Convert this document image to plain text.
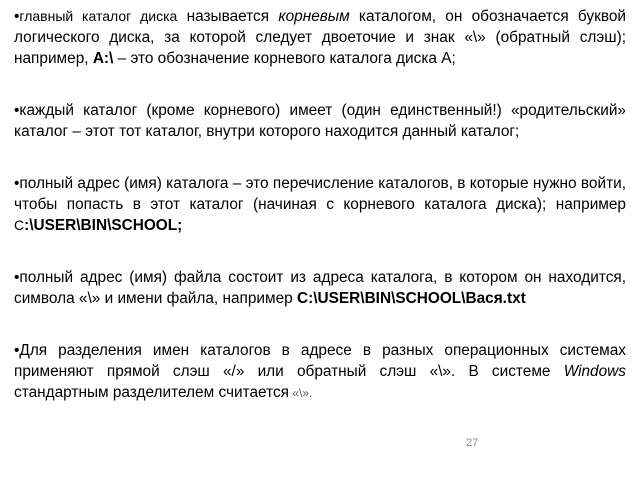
•главный каталог диска называется корневым каталогом, он обозначается буквой логического диска, за которой следует двоеточие и знак «\» (обратный слэш); например, A:\ – это обозначение корневого каталога диска A;
•каждый каталог (кроме корневого) имеет (один единственный!) «родительский» каталог – этот тот каталог, внутри которого находится данный каталог;
•полный адрес (имя) каталога – это перечисление каталогов, в которые нужно войти, чтобы попасть в этот каталог (начиная с корневого каталога диска); например C:\USER\BIN\SCHOOL;
•полный адрес (имя) файла состоит из адреса каталога, в котором он находится, символа «\» и имени файла, например C:\USER\BIN\SCHOOL\Вася.txt
•Для разделения имен каталогов в адресе в разных операционных системах применяют прямой слэш «/» или обратный слэш «\». В системе Windows стандартным разделителем считается «\».
27
